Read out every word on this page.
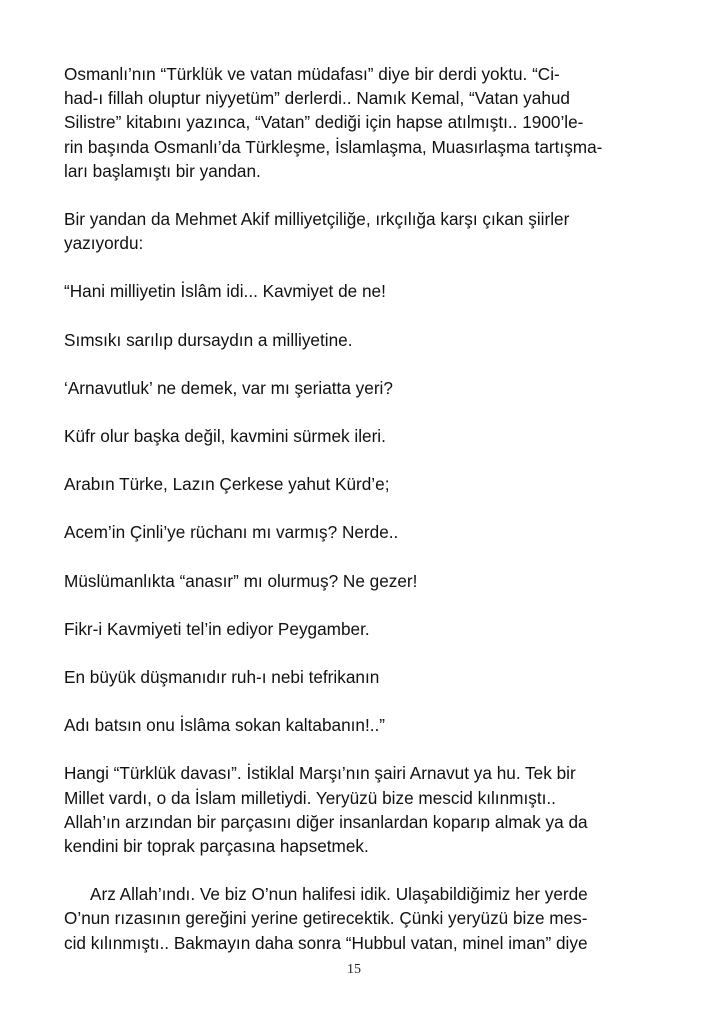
Osmanlı’nın “Türklük ve vatan müdafası” diye bir derdi yoktu. “Ci-

had-ı fillah oluptur niyyetüm” derlerdi.. Namık Kemal, “Vatan yahud

Silistre” kitabını yazınca, “Vatan” dediği için hapse atılmıştı.. 1900’le-

rin başında Osmanlı’da Türkleşme, İslamlaşma, Muasırlaşma tartışma-

ları başlamıştı bir yandan.

Bir yandan da Mehmet Akif milliyetçiliğe, ırkçılığa karşı çıkan şiirler

yazıyordu:

“Hani milliyetin İslâm idi... Kavmiyet de ne!

Sımsıkı sarılıp dursaydın a milliyetine.

‘Arnavutluk’ ne demek, var mı şeriatta yeri?

Küfr olur başka değil, kavmini sürmek ileri.

Arabın Türke, Lazın Çerkese yahut Kürd’e;

Acem’in Çinli’ye rüchanı mı varmış? Nerde..

Müslümanlıkta “anasır” mı olurmuş? Ne gezer!

Fikr-i Kavmiyeti tel’in ediyor Peygamber.

En büyük düşmanıdır ruh-ı nebi tefrikanın

Adı batsın onu İslâma sokan kaltabanın!..”

Hangi “Türklük davası”. İstiklal Marşı’nın şairi Arnavut ya hu. Tek bir

Millet vardı, o da İslam milletiydi. Yeryüzü bize mescid kılınmıştı..

Allah’ın arzından bir parçasını diğer insanlardan koparıp almak ya da

kendini bir toprak parçasına hapsetmek.

Arz Allah’ındı. Ve biz O’nun halifesi idik. Ulaşabildiğimiz her yerde

O’nun rızasının gereğini yerine getirecektik. Çünki yeryüzü bize mes-

cid kılınmıştı.. Bakmayın daha sonra “Hubbul vatan, minel iman” diye

15
